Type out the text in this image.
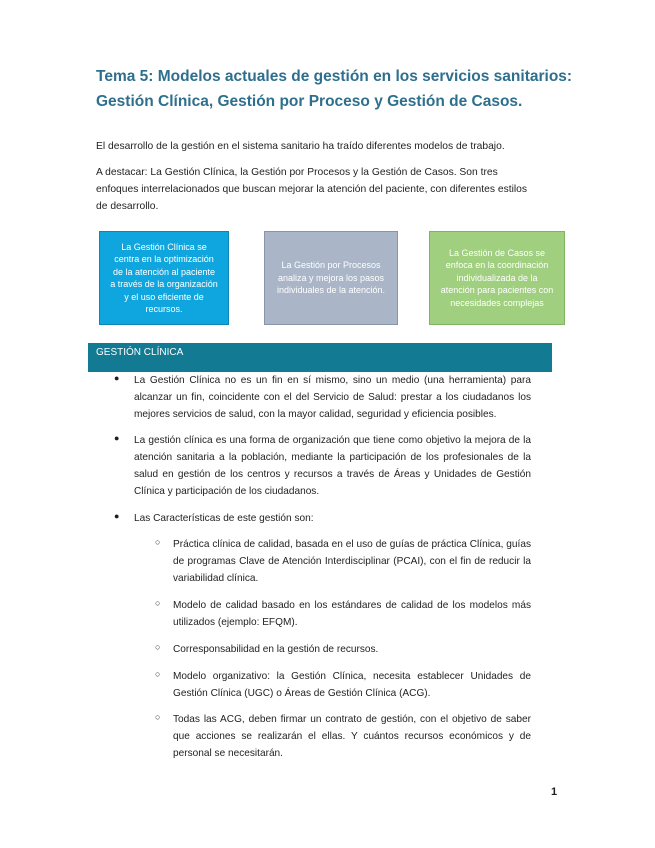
Tema 5: Modelos actuales de gestión en los servicios sanitarios: Gestión Clínica, Gestión por Proceso y Gestión de Casos.

El desarrollo de la gestión en el sistema sanitario ha traído diferentes modelos de trabajo.

A destacar: La Gestión Clínica, la Gestión por Procesos y la Gestión de Casos. Son tres enfoques interrelacionados que buscan mejorar la atención del paciente, con diferentes estilos de desarrollo.

La Gestión Clínica se centra en la optimización de la atención al paciente a través de la organización y el uso eficiente de recursos.
La Gestión por Procesos analiza y mejora los pasos individuales de la atención.
La Gestión de Casos se enfoca en la coordinación individualizada de la atención para pacientes con necesidades complejas
GESTIÓN CLÍNICA
● La Gestión Clínica no es un fin en sí mismo, sino un medio (una herramienta) para alcanzar un fin, coincidente con el del Servicio de Salud: prestar a los ciudadanos los mejores servicios de salud, con la mayor calidad, seguridad y eficiencia posibles.

● La gestión clínica es una forma de organización que tiene como objetivo la mejora de la atención sanitaria a la población, mediante la participación de los profesionales de la salud en gestión de los centros y recursos a través de Áreas y Unidades de Gestión Clínica y participación de los ciudadanos.

● Las Características de este gestión son:

○ Práctica clínica de calidad, basada en el uso de guías de práctica Clínica, guías de programas Clave de Atención Interdisciplinar (PCAI), con el fin de reducir la variabilidad clínica.

○ Modelo de calidad basado en los estándares de calidad de los modelos más utilizados (ejemplo: EFQM).

○ Corresponsabilidad en la gestión de recursos.

○ Modelo organizativo: la Gestión Clínica, necesita establecer Unidades de Gestión Clínica (UGC) o Áreas de Gestión Clínica (ACG).

○ Todas las ACG, deben firmar un contrato de gestión, con el objetivo de saber que acciones se realizarán el ellas. Y cuántos recursos económicos y de personal se necesitarán.

1
